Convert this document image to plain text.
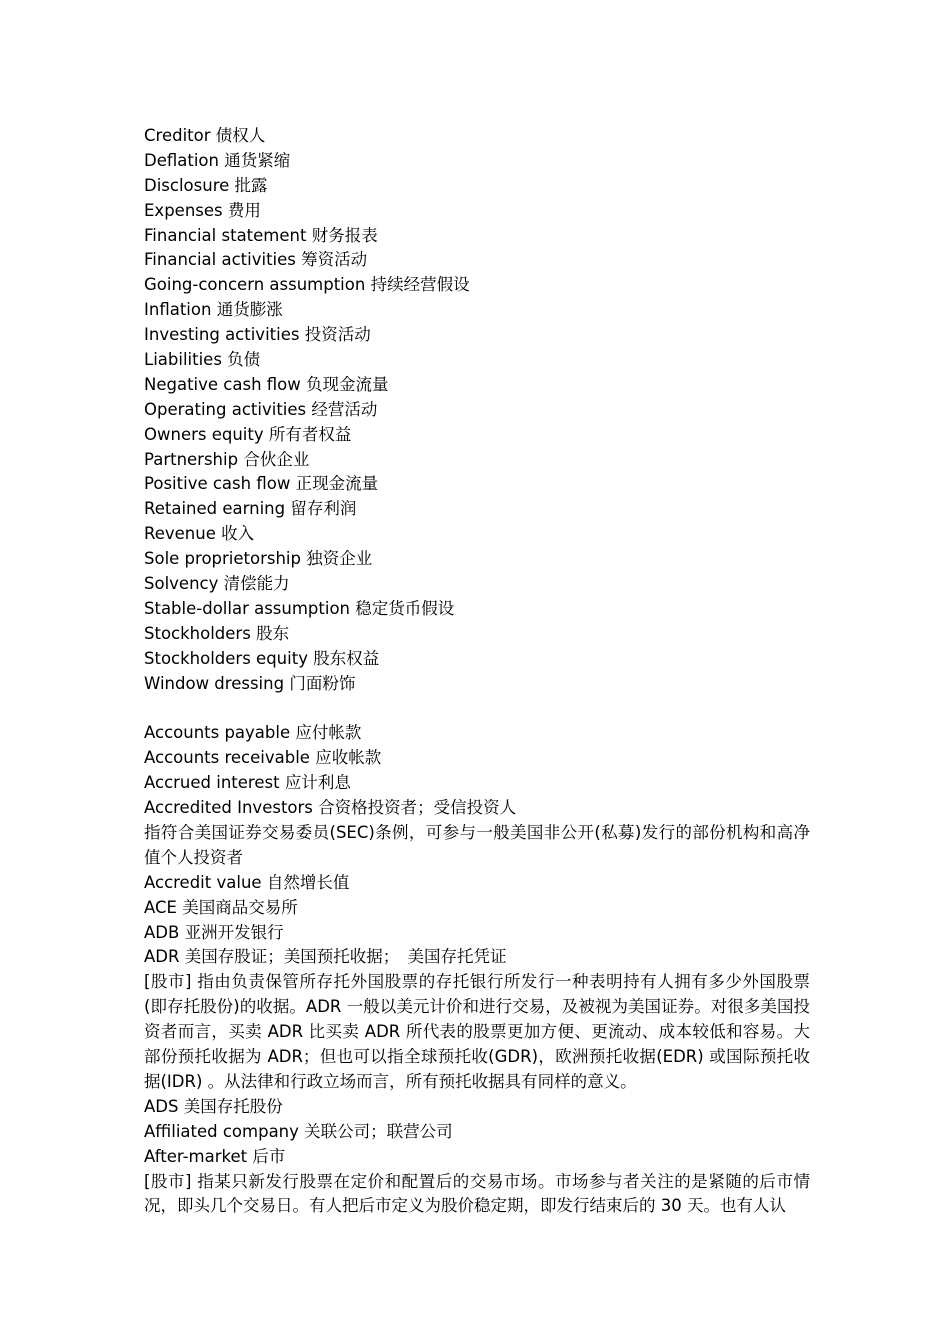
Creditor 债权人
Deflation 通货紧缩
Disclosure 批露
Expenses 费用
Financial statement 财务报表
Financial activities 筹资活动
Going-concern assumption 持续经营假设
Inflation 通货膨涨
Investing activities 投资活动
Liabilities 负债
Negative cash flow 负现金流量
Operating activities 经营活动
Owners equity 所有者权益
Partnership 合伙企业
Positive cash flow 正现金流量
Retained earning 留存利润
Revenue 收入
Sole proprietorship 独资企业
Solvency 清偿能力
Stable-dollar assumption 稳定货币假设
Stockholders 股东
Stockholders equity 股东权益
Window dressing 门面粉饰
Accounts payable 应付帐款
Accounts receivable 应收帐款
Accrued interest 应计利息
Accredited Investors 合资格投资者；受信投资人
指符合美国证券交易委员(SEC)条例，可参与一般美国非公开(私募)发行的部份机构和高净值个人投资者
Accredit value 自然增长值
ACE 美国商品交易所
ADB 亚洲开发银行
ADR 美国存股证；美国预托收据；　美国存托凭证
[股市] 指由负责保管所存托外国股票的存托银行所发行一种表明持有人拥有多少外国股票(即存托股份)的收据。ADR 一般以美元计价和进行交易，及被视为美国证券。对很多美国投资者而言，买卖 ADR 比买卖 ADR 所代表的股票更加方便、更流动、成本较低和容易。大部份预托收据为 ADR；但也可以指全球预托收(GDR)，欧洲预托收据(EDR) 或国际预托收据(IDR) 。从法律和行政立场而言，所有预托收据具有同样的意义。
ADS 美国存托股份
Affiliated company 关联公司；联营公司
After-market 后市
[股市] 指某只新发行股票在定价和配置后的交易市场。市场参与者关注的是紧随的后市情况，即头几个交易日。有人把后市定义为股价稳定期，即发行结束后的 30 天。也有人认
